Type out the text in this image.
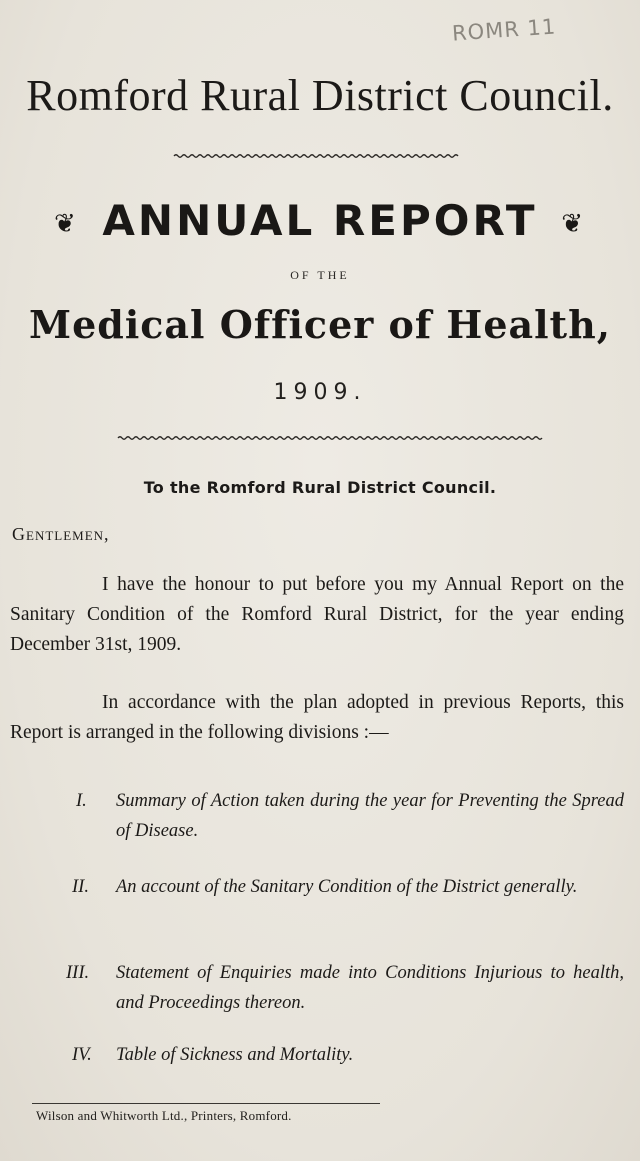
ROMR 11
Romford Rural District Council.
❦ ANNUAL REPORT ❦
OF THE
Medical Officer of Health,
1909.
To the Romford Rural District Council.
Gentlemen,
I have the honour to put before you my Annual Report on the Sanitary Condition of the Romford Rural District, for the year ending December 31st, 1909.
In accordance with the plan adopted in previous Reports, this Report is arranged in the following divisions :—
I. Summary of Action taken during the year for Preventing the Spread of Disease.
II. An account of the Sanitary Condition of the District generally.
III. Statement of Enquiries made into Conditions Injurious to health, and Proceedings thereon.
IV. Table of Sickness and Mortality.
Wilson and Whitworth Ltd., Printers, Romford.
